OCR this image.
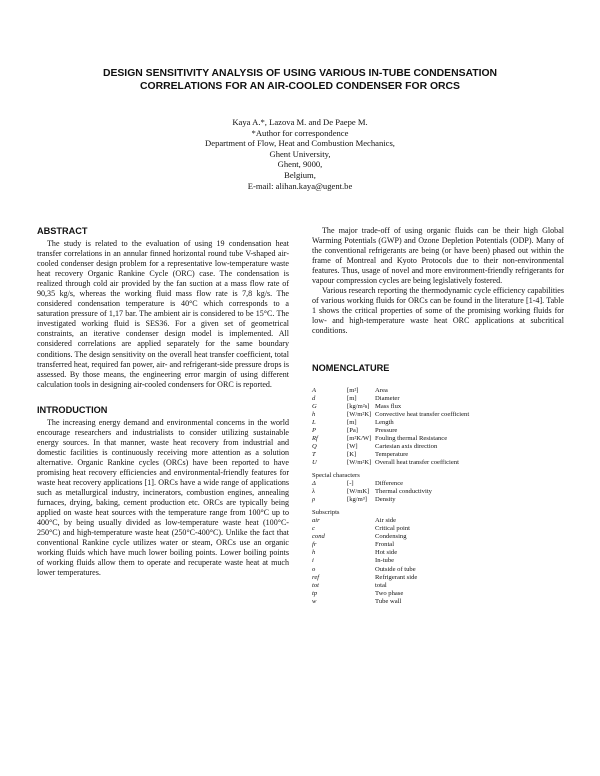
DESIGN SENSITIVITY ANALYSIS OF USING VARIOUS IN-TUBE CONDENSATION
CORRELATIONS FOR AN AIR-COOLED CONDENSER FOR ORCS
Kaya A.*, Lazova M. and De Paepe M.
*Author for correspondence
Department of Flow, Heat and Combustion Mechanics,
Ghent University,
Ghent, 9000,
Belgium,
E-mail: alihan.kaya@ugent.be
ABSTRACT

The study is related to the evaluation of using 19 condensation heat transfer correlations in an annular finned horizontal round tube V-shaped air-cooled condenser design problem for a representative low-temperature waste heat recovery Organic Rankine Cycle (ORC) case. The condensation is realized through cold air provided by the fan suction at a mass flow rate of 90,35 kg/s, whereas the working fluid mass flow rate is 7,8 kg/s. The considered condensation temperature is 40°C which corresponds to a saturation pressure of 1,17 bar. The ambient air is considered to be 15°C. The investigated working fluid is SES36. For a given set of geometrical constraints, an iterative condenser design model is implemented. All considered correlations are applied separately for the same boundary conditions. The design sensitivity on the overall heat transfer coefficient, total transferred heat, required fan power, air- and refrigerant-side pressure drops is assessed. By those means, the engineering error margin of using different calculation tools in designing air-cooled condensers for ORC is reported.

INTRODUCTION

The increasing energy demand and environmental concerns in the world encourage researchers and industrialists to consider utilizing sustainable energy sources. In that manner, waste heat recovery from industrial and domestic facilities is continuously receiving more attention as a solution alternative. Organic Rankine cycles (ORCs) have been reported to have promising heat recovery efficiencies and environmental-friendly features for waste heat recovery applications [1]. ORCs have a wide range of applications such as metallurgical industry, incinerators, combustion engines, annealing furnaces, drying, baking, cement production etc. ORCs are typically being applied on waste heat sources with the temperature range from 100°C up to 400°C, by being usually divided as low-temperature waste heat (100°C-250°C) and high-temperature waste heat (250°C-400°C). Unlike the fact that conventional Rankine cycle utilizes water or steam, ORCs use an organic working fluids which have much lower boiling points. Lower boiling points of working fluids allow them to operate and recuperate waste heat at much lower temperatures.

The major trade-off of using organic fluids can be their high Global Warming Potentials (GWP) and Ozone Depletion Potentials (ODP). Many of the conventional refrigerants are being (or have been) phased out within the frame of Montreal and Kyoto Protocols due to their non-environmental features. Thus, usage of novel and more environment-friendly refrigerants for vapour compression cycles are being legislatively fostered.

Various research reporting the thermodynamic cycle efficiency capabilities of various working fluids for ORCs can be found in the literature [1-4]. Table 1 shows the critical properties of some of the promising working fluids for low- and high-temperature waste heat ORC applications at subcritical conditions.

NOMENCLATURE
A	[m²]	Area
d	[m]	Diameter
G	[kg/m²s]	Mass flux
h	[W/m²K]	Convective heat transfer coefficient
L	[m]	Length
P	[Pa]	Pressure
Rf	[m²K/W]	Fouling thermal Resistance
Q	[W]	Cartesian axis direction
T	[K]	Temperature
U	[W/m²K]	Overall heat transfer coefficient
Special characters
Δ	[-]	Difference
λ	[W/mK]	Thermal conductivity
ρ	[kg/m³]	Density
Subscripts
air	Air side
c	Critical point
cond	Condensing
fr	Frontal
h	Hot side
i	In-tube
o	Outside of tube
ref	Refrigerant side
tot	total
tp	Two phase
w	Tube wall
